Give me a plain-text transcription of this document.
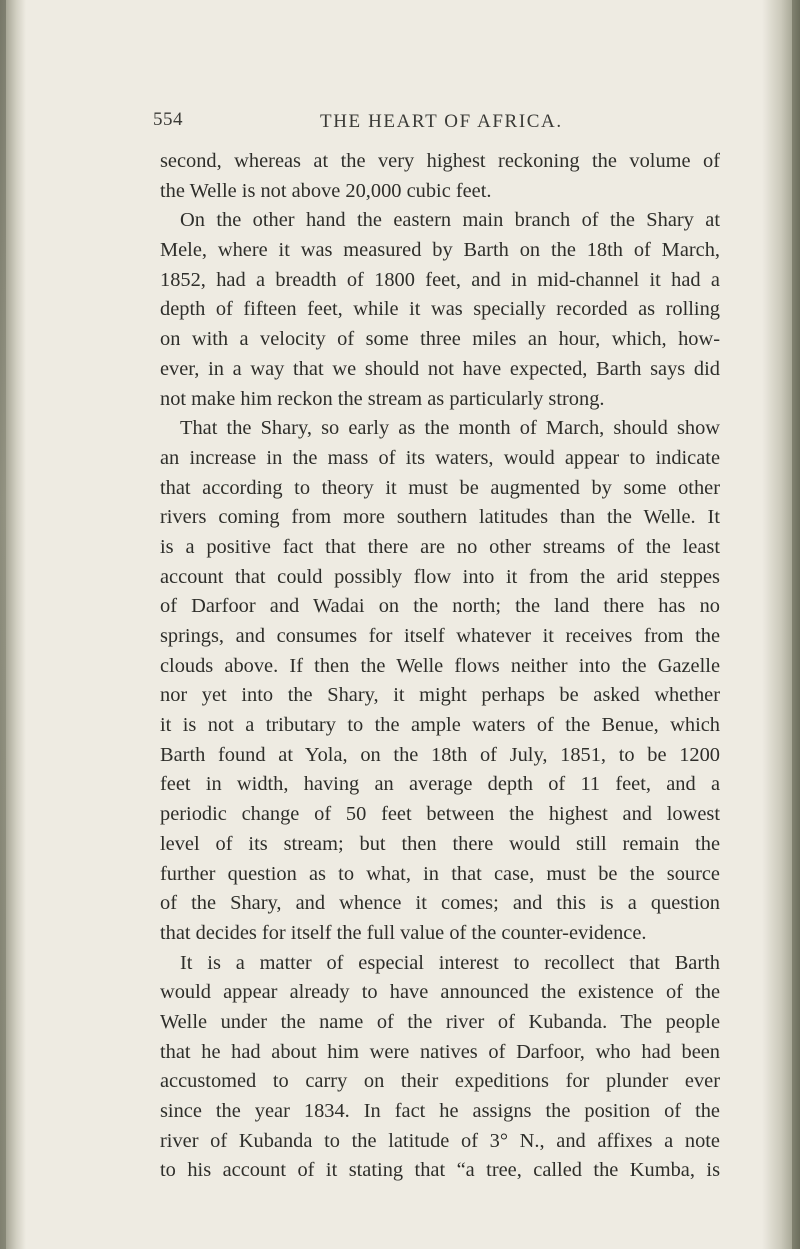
554	THE HEART OF AFRICA.
second, whereas at the very highest reckoning the volume of
the Welle is not above 20,000 cubic feet.
On the other hand the eastern main branch of the Shary at
Mele, where it was measured by Barth on the 18th of March,
1852, had a breadth of 1800 feet, and in mid-channel it had a
depth of fifteen feet, while it was specially recorded as rolling
on with a velocity of some three miles an hour, which, how-
ever, in a way that we should not have expected, Barth says did
not make him reckon the stream as particularly strong.
That the Shary, so early as the month of March, should show
an increase in the mass of its waters, would appear to indicate
that according to theory it must be augmented by some other
rivers coming from more southern latitudes than the Welle. It
is a positive fact that there are no other streams of the least
account that could possibly flow into it from the arid steppes
of Darfoor and Wadai on the north; the land there has no
springs, and consumes for itself whatever it receives from the
clouds above. If then the Welle flows neither into the Gazelle
nor yet into the Shary, it might perhaps be asked whether
it is not a tributary to the ample waters of the Benue, which
Barth found at Yola, on the 18th of July, 1851, to be 1200
feet in width, having an average depth of 11 feet, and a
periodic change of 50 feet between the highest and lowest
level of its stream; but then there would still remain the
further question as to what, in that case, must be the source
of the Shary, and whence it comes; and this is a question
that decides for itself the full value of the counter-evidence.
It is a matter of especial interest to recollect that Barth
would appear already to have announced the existence of the
Welle under the name of the river of Kubanda. The people
that he had about him were natives of Darfoor, who had been
accustomed to carry on their expeditions for plunder ever
since the year 1834. In fact he assigns the position of the
river of Kubanda to the latitude of 3° N., and affixes a note
to his account of it stating that “a tree, called the Kumba, is
